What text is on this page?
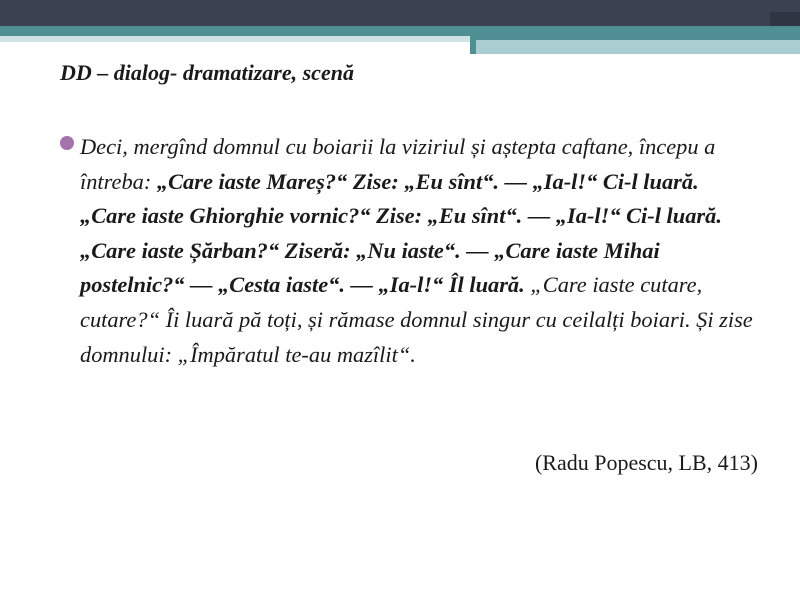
DD – dialog- dramatizare, scenă
Deci, mergînd domnul cu boiarii la viziriul și aștepta caftane, începu a întreba: „Care iaste Mareș?“ Zise: „Eu sînt“. — „Ia-l!“ Ci-l luară. „Care iaste Ghiorghie vornic?“ Zise: „Eu sînt“. — „Ia-l!“ Ci-l luară. „Care iaste Șărban?“ Ziseră: „Nu iaste“. — „Care iaste Mihai postelnic?“ — „Cesta iaste“. — „Ia-l!“ Îl luară. „Care iaste cutare, cutare?“ Îi luară pă toți, și rămase domnul singur cu ceilalți boiari. Și zise domnului: „Împăratul te-au mazîlit“.
(Radu Popescu, LB, 413)
